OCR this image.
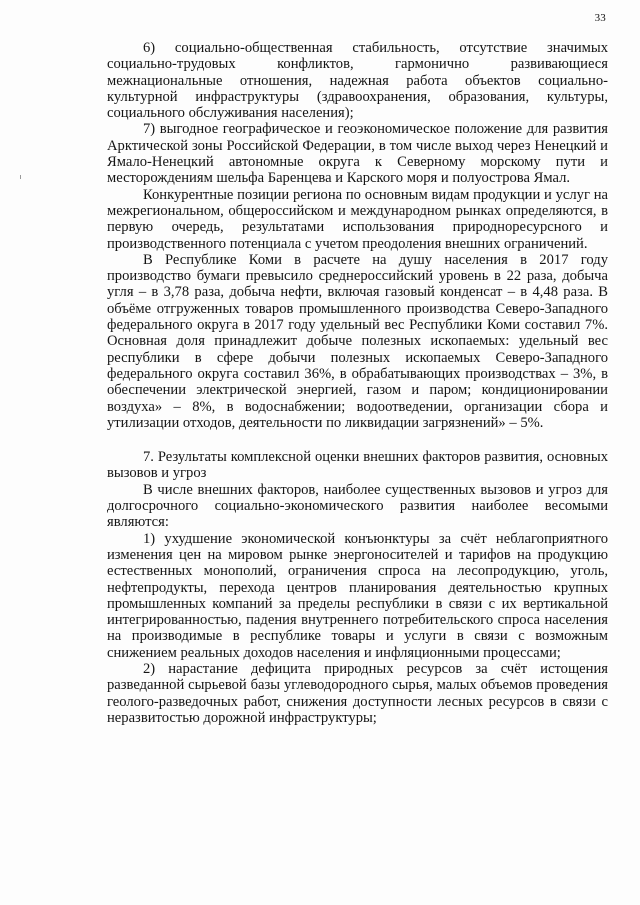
33

6) социально-общественная стабильность, отсутствие значимых социально-трудовых конфликтов, гармонично развивающиеся межнациональные отношения, надежная работа объектов социально-культурной инфраструктуры (здравоохранения, образования, культуры, социального обслуживания населения);

7) выгодное географическое и геоэкономическое положение для развития Арктической зоны Российской Федерации, в том числе выход через Ненецкий и Ямало-Ненецкий автономные округа к Северному морскому пути и месторождениям шельфа Баренцева и Карского моря и полуострова Ямал.

Конкурентные позиции региона по основным видам продукции и услуг на межрегиональном, общероссийском и международном рынках определяются, в первую очередь, результатами использования природноресурсного и производственного потенциала с учетом преодоления внешних ограничений.

В Республике Коми в расчете на душу населения в 2017 году производство бумаги превысило среднероссийский уровень в 22 раза, добыча угля – в 3,78 раза, добыча нефти, включая газовый конденсат – в 4,48 раза. В объёме отгруженных товаров промышленного производства Северо-Западного федерального округа в 2017 году удельный вес Республики Коми составил 7%. Основная доля принадлежит добыче полезных ископаемых: удельный вес республики в сфере добычи полезных ископаемых Северо-Западного федерального округа составил 36%, в обрабатывающих производствах – 3%, в обеспечении электрической энергией, газом и паром; кондиционировании воздуха» – 8%, в водоснабжении; водоотведении, организации сбора и утилизации отходов, деятельности по ликвидации загрязнений» – 5%.

7. Результаты комплексной оценки внешних факторов развития, основных вызовов и угроз

В числе внешних факторов, наиболее существенных вызовов и угроз для долгосрочного социально-экономического развития наиболее весомыми являются:

1) ухудшение экономической конъюнктуры за счёт неблагоприятного изменения цен на мировом рынке энергоносителей и тарифов на продукцию естественных монополий, ограничения спроса на лесопродукцию, уголь, нефтепродукты, перехода центров планирования деятельностью крупных промышленных компаний за пределы республики в связи с их вертикальной интегрированностью, падения внутреннего потребительского спроса населения на производимые в республике товары и услуги в связи с возможным снижением реальных доходов населения и инфляционными процессами;

2) нарастание дефицита природных ресурсов за счёт истощения разведанной сырьевой базы углеводородного сырья, малых объемов проведения геолого-разведочных работ, снижения доступности лесных ресурсов в связи с неразвитостью дорожной инфраструктуры;
